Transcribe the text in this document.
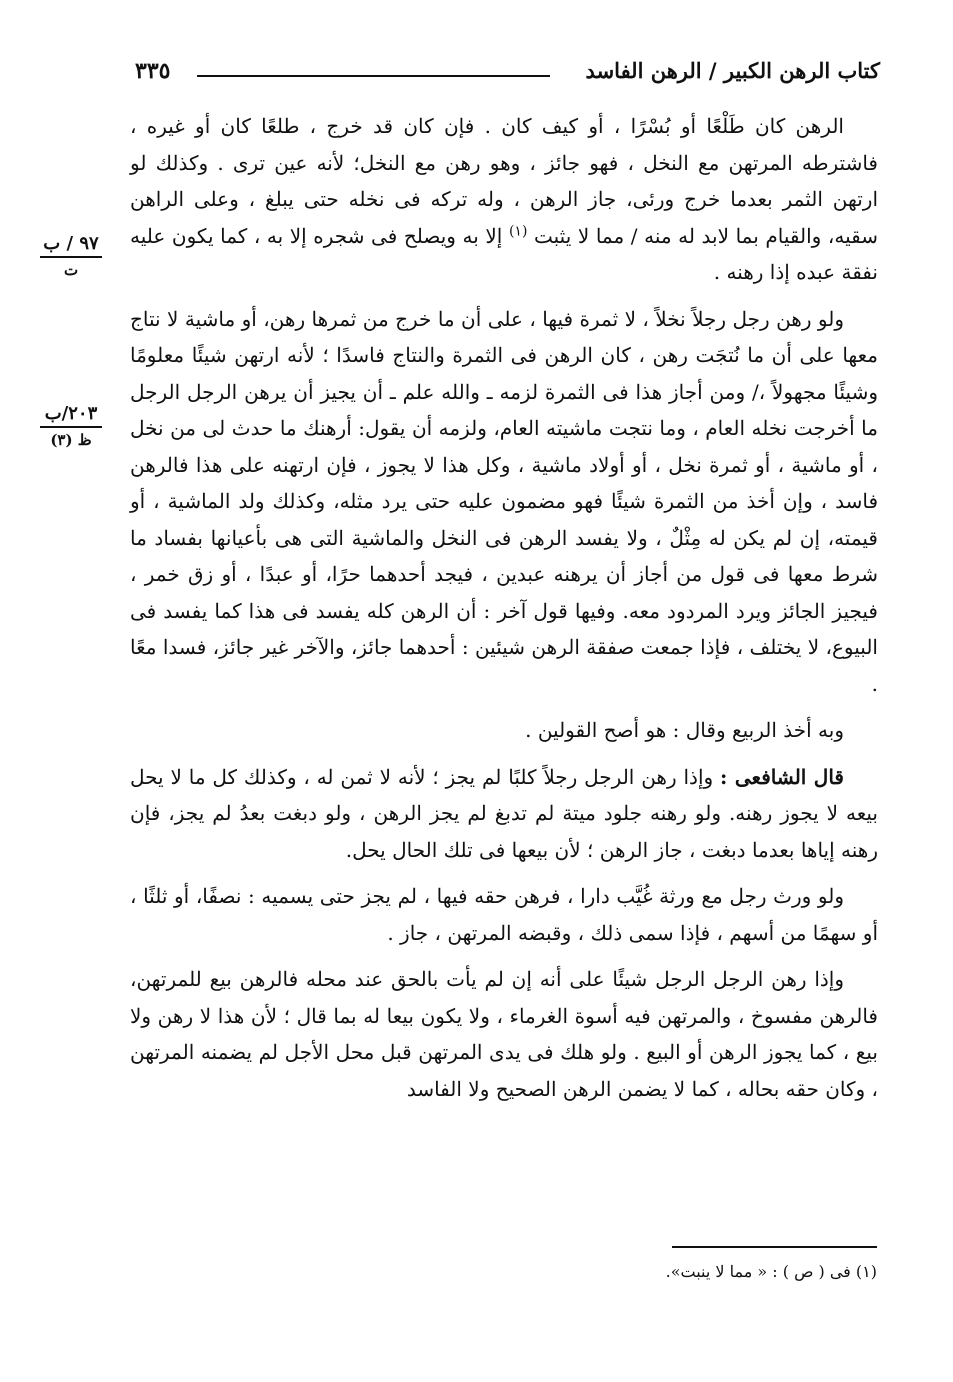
كتاب الرهن الكبير / الرهن الفاسد
٣٣٥
٩٧ / ب
ت
٢٠٣/ب
ظ (٣)

الرهن كان طَلْعًا أو بُسْرًا ، أو كيف كان . فإن كان قد خرج ، طلعًا كان أو غيره ، فاشترطه المرتهن مع النخل ، فهو جائز ، وهو رهن مع النخل؛ لأنه عين ترى . وكذلك لو ارتهن الثمر بعدما خرج ورئى، جاز الرهن ، وله تركه فى نخله حتى يبلغ ، وعلى الراهن سقيه، والقيام بما لابد له منه / مما لا يثبت $^{(١)}$ إلا به ويصلح فى شجره إلا به ، كما يكون عليه نفقة عبده إذا رهنه .

ولو رهن رجل رجلاً نخلاً ، لا ثمرة فيها ، على أن ما خرج من ثمرها رهن، أو ماشية لا نتاج معها على أن ما نُتجَت رهن ، كان الرهن فى الثمرة والنتاج فاسدًا ؛ لأنه ارتهن شيئًا معلومًا وشيئًا مجهولاً ،/ ومن أجاز هذا فى الثمرة لزمه ـ والله علم ـ أن يجيز أن يرهن الرجل الرجل ما أخرجت نخله العام ، وما نتجت ماشيته العام، ولزمه أن يقول: أرهنك ما حدث لى من نخل ، أو ماشية ، أو ثمرة نخل ، أو أولاد ماشية ، وكل هذا لا يجوز ، فإن ارتهنه على هذا فالرهن فاسد ، وإن أخذ من الثمرة شيئًا فهو مضمون عليه حتى يرد مثله، وكذلك ولد الماشية ، أو قيمته، إن لم يكن له مِثْلٌ ، ولا يفسد الرهن فى النخل والماشية التى هى بأعيانها بفساد ما شرط معها فى قول من أجاز أن يرهنه عبدين ، فيجد أحدهما حرًا، أو عبدًا ، أو زق خمر ، فيجيز الجائز ويرد المردود معه. وفيها قول آخر : أن الرهن كله يفسد فى هذا كما يفسد فى البيوع، لا يختلف ، فإذا جمعت صفقة الرهن شيئين : أحدهما جائز، والآخر غير جائز، فسدا معًا .

وبه أخذ الربيع وقال : هو أصح القولين .

قال الشافعى : وإذا رهن الرجل رجلاً كلبًا لم يجز ؛ لأنه لا ثمن له ، وكذلك كل ما لا يحل بيعه لا يجوز رهنه. ولو رهنه جلود ميتة لم تدبغ لم يجز الرهن ، ولو دبغت بعدُ لم يجز، فإن رهنه إياها بعدما دبغت ، جاز الرهن ؛ لأن بيعها فى تلك الحال يحل.

ولو ورث رجل مع ورثة غُيَّب دارا ، فرهن حقه فيها ، لم يجز حتى يسميه : نصفًا، أو ثلثًا ، أو سهمًا من أسهم ، فإذا سمى ذلك ، وقبضه المرتهن ، جاز .

وإذا رهن الرجل الرجل شيئًا على أنه إن لم يأت بالحق عند محله فالرهن بيع للمرتهن، فالرهن مفسوخ ، والمرتهن فيه أسوة الغرماء ، ولا يكون بيعا له بما قال ؛ لأن هذا لا رهن ولا بيع ، كما يجوز الرهن أو البيع . ولو هلك فى يدى المرتهن قبل محل الأجل لم يضمنه المرتهن ، وكان حقه بحاله ، كما لا يضمن الرهن الصحيح ولا الفاسد

(١) فى ( ص ) : « مما لا ينبت».
